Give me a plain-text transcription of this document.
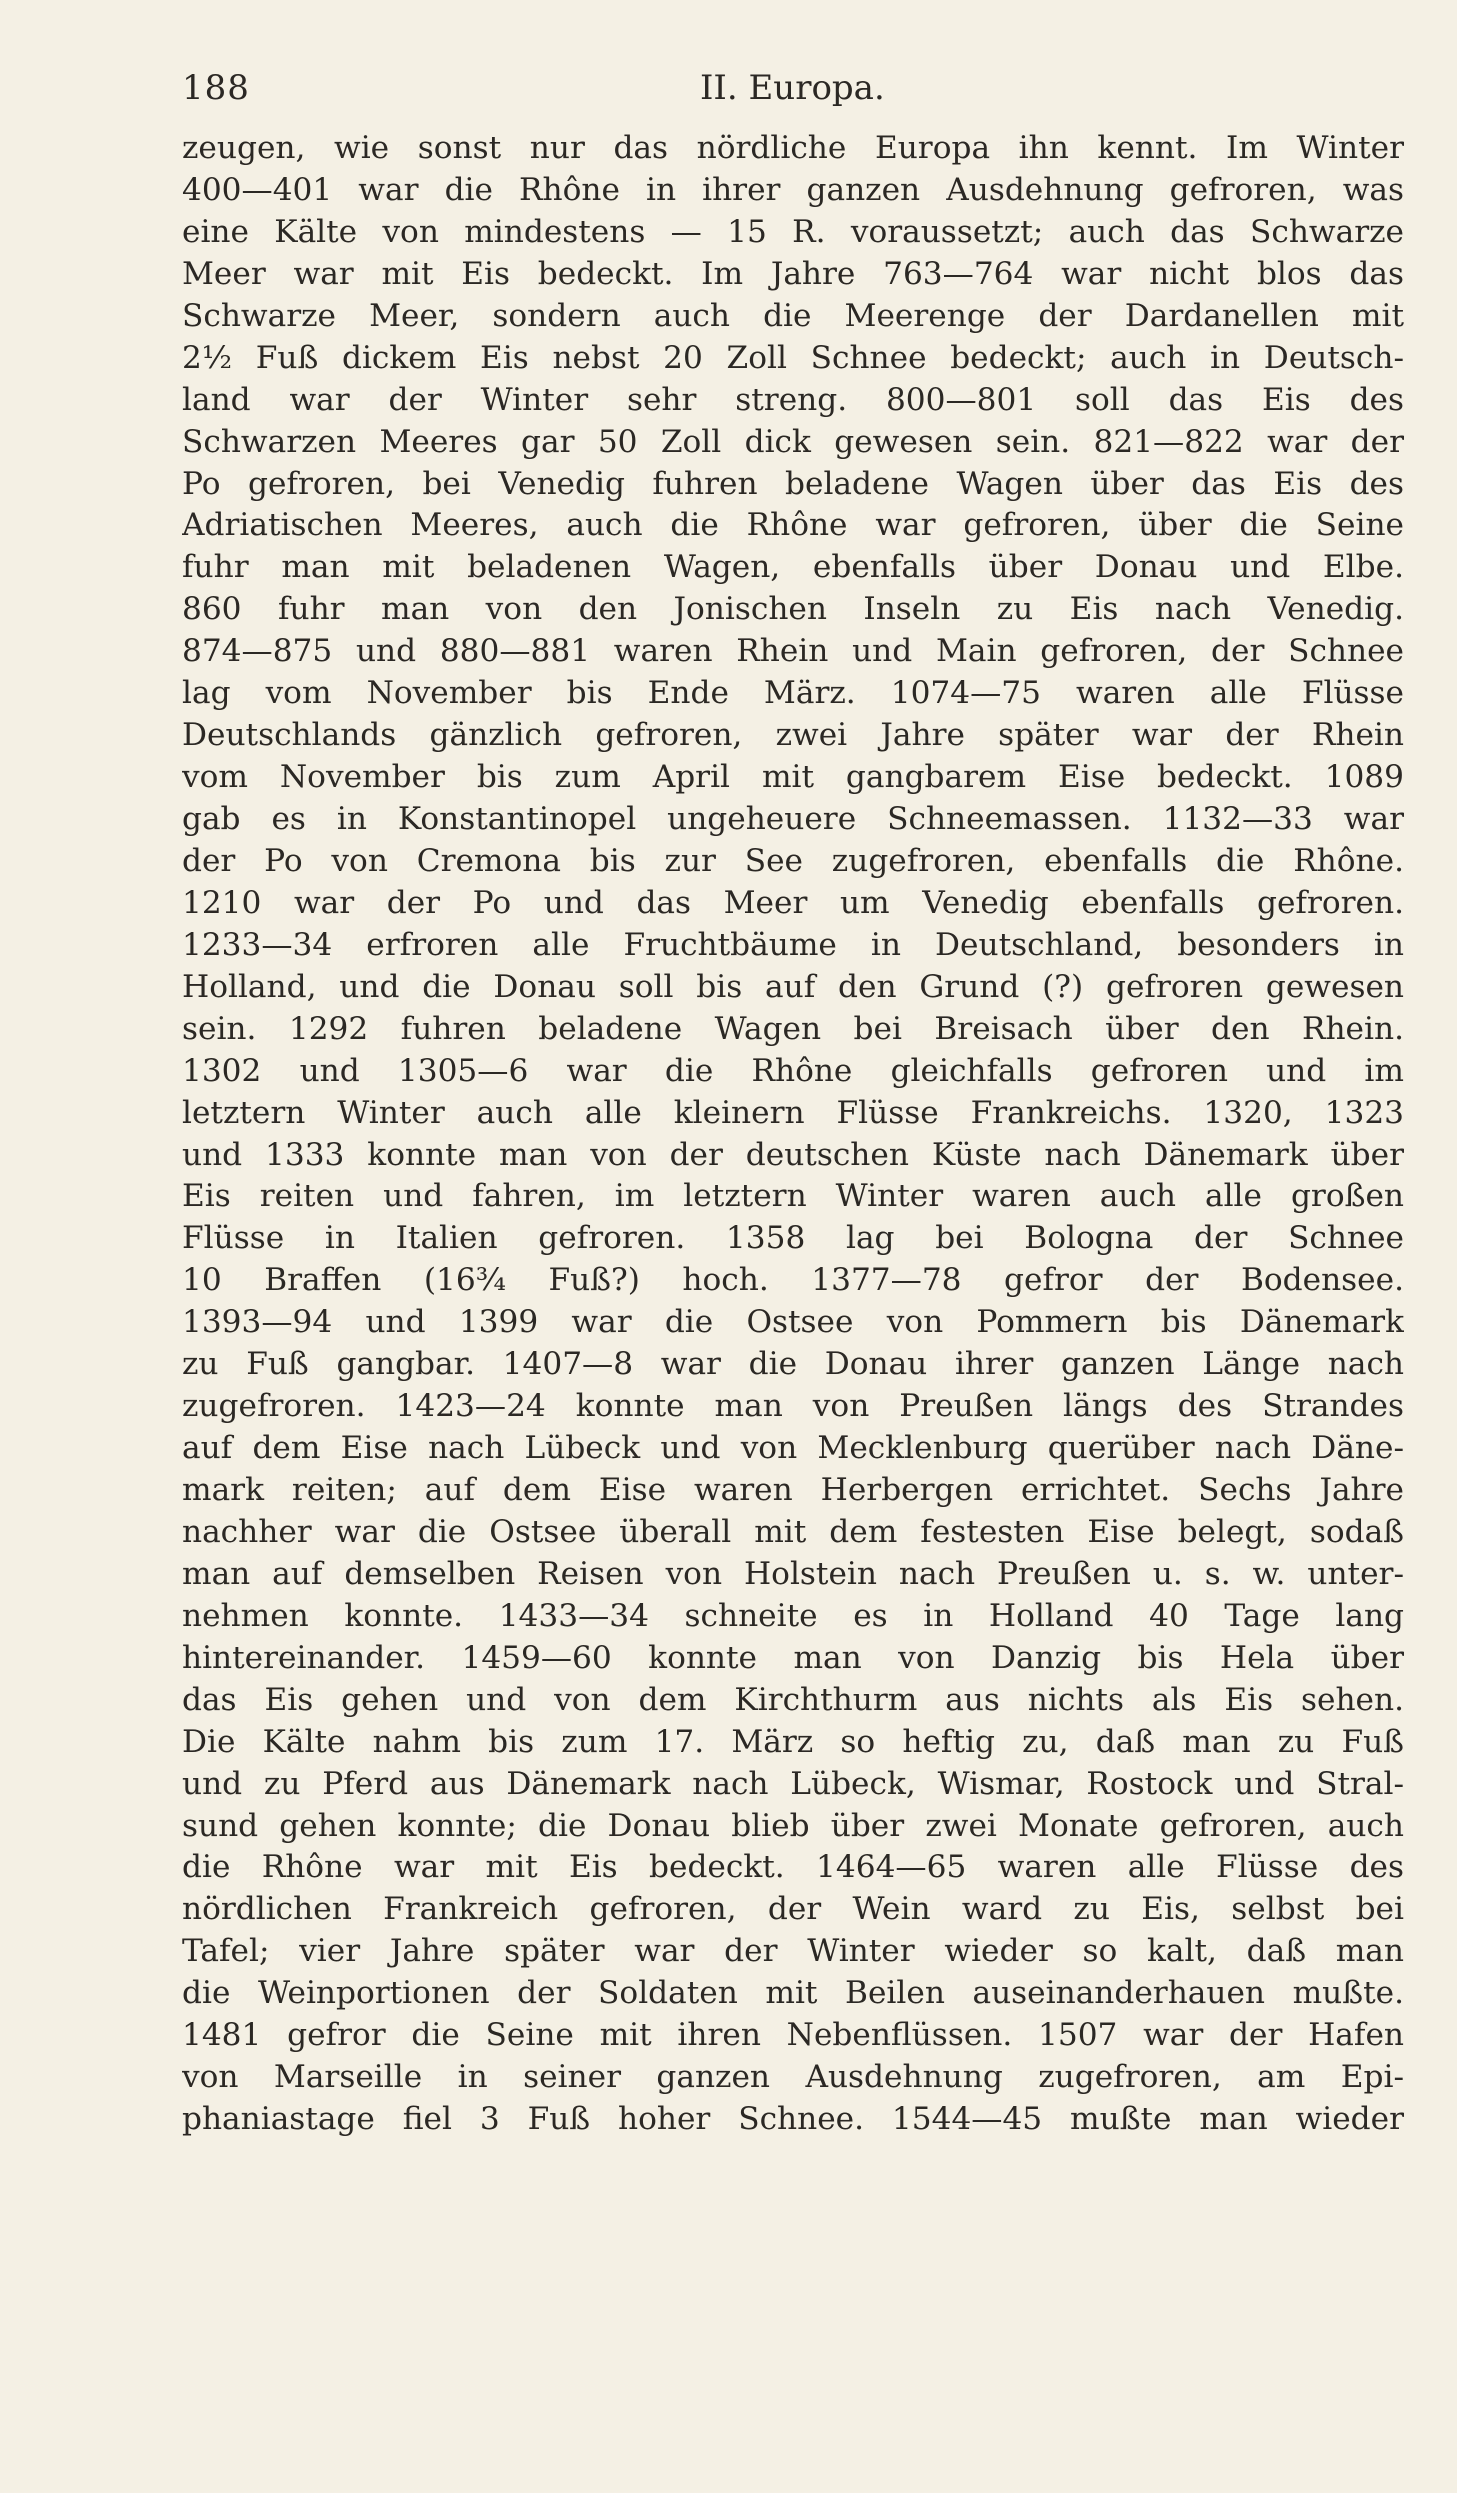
188	II. Europa.
zeugen, wie sonst nur das nördliche Europa ihn kennt. Im Winter
400—401 war die Rhône in ihrer ganzen Ausdehnung gefroren, was
eine Kälte von mindestens — 15 R. voraussetzt; auch das Schwarze
Meer war mit Eis bedeckt. Im Jahre 763—764 war nicht blos das
Schwarze Meer, sondern auch die Meerenge der Dardanellen mit
2½ Fuß dickem Eis nebst 20 Zoll Schnee bedeckt; auch in Deutsch-
land war der Winter sehr streng. 800—801 soll das Eis des
Schwarzen Meeres gar 50 Zoll dick gewesen sein. 821—822 war der
Po gefroren, bei Venedig fuhren beladene Wagen über das Eis des
Adriatischen Meeres, auch die Rhône war gefroren, über die Seine
fuhr man mit beladenen Wagen, ebenfalls über Donau und Elbe.
860 fuhr man von den Jonischen Inseln zu Eis nach Venedig.
874—875 und 880—881 waren Rhein und Main gefroren, der Schnee
lag vom November bis Ende März. 1074—75 waren alle Flüsse
Deutschlands gänzlich gefroren, zwei Jahre später war der Rhein
vom November bis zum April mit gangbarem Eise bedeckt. 1089
gab es in Konstantinopel ungeheuere Schneemassen. 1132—33 war
der Po von Cremona bis zur See zugefroren, ebenfalls die Rhône.
1210 war der Po und das Meer um Venedig ebenfalls gefroren.
1233—34 erfroren alle Fruchtbäume in Deutschland, besonders in
Holland, und die Donau soll bis auf den Grund (?) gefroren gewesen
sein. 1292 fuhren beladene Wagen bei Breisach über den Rhein.
1302 und 1305—6 war die Rhône gleichfalls gefroren und im
letztern Winter auch alle kleinern Flüsse Frankreichs. 1320, 1323
und 1333 konnte man von der deutschen Küste nach Dänemark über
Eis reiten und fahren, im letztern Winter waren auch alle großen
Flüsse in Italien gefroren. 1358 lag bei Bologna der Schnee
10 Braffen (16¾ Fuß?) hoch. 1377—78 gefror der Bodensee.
1393—94 und 1399 war die Ostsee von Pommern bis Dänemark
zu Fuß gangbar. 1407—8 war die Donau ihrer ganzen Länge nach
zugefroren. 1423—24 konnte man von Preußen längs des Strandes
auf dem Eise nach Lübeck und von Mecklenburg querüber nach Däne-
mark reiten; auf dem Eise waren Herbergen errichtet. Sechs Jahre
nachher war die Ostsee überall mit dem festesten Eise belegt, sodaß
man auf demselben Reisen von Holstein nach Preußen u. s. w. unter-
nehmen konnte. 1433—34 schneite es in Holland 40 Tage lang
hintereinander. 1459—60 konnte man von Danzig bis Hela über
das Eis gehen und von dem Kirchthurm aus nichts als Eis sehen.
Die Kälte nahm bis zum 17. März so heftig zu, daß man zu Fuß
und zu Pferd aus Dänemark nach Lübeck, Wismar, Rostock und Stral-
sund gehen konnte; die Donau blieb über zwei Monate gefroren, auch
die Rhône war mit Eis bedeckt. 1464—65 waren alle Flüsse des
nördlichen Frankreich gefroren, der Wein ward zu Eis, selbst bei
Tafel; vier Jahre später war der Winter wieder so kalt, daß man
die Weinportionen der Soldaten mit Beilen auseinanderhauen mußte.
1481 gefror die Seine mit ihren Nebenflüssen. 1507 war der Hafen
von Marseille in seiner ganzen Ausdehnung zugefroren, am Epi-
phaniastage fiel 3 Fuß hoher Schnee. 1544—45 mußte man wieder
